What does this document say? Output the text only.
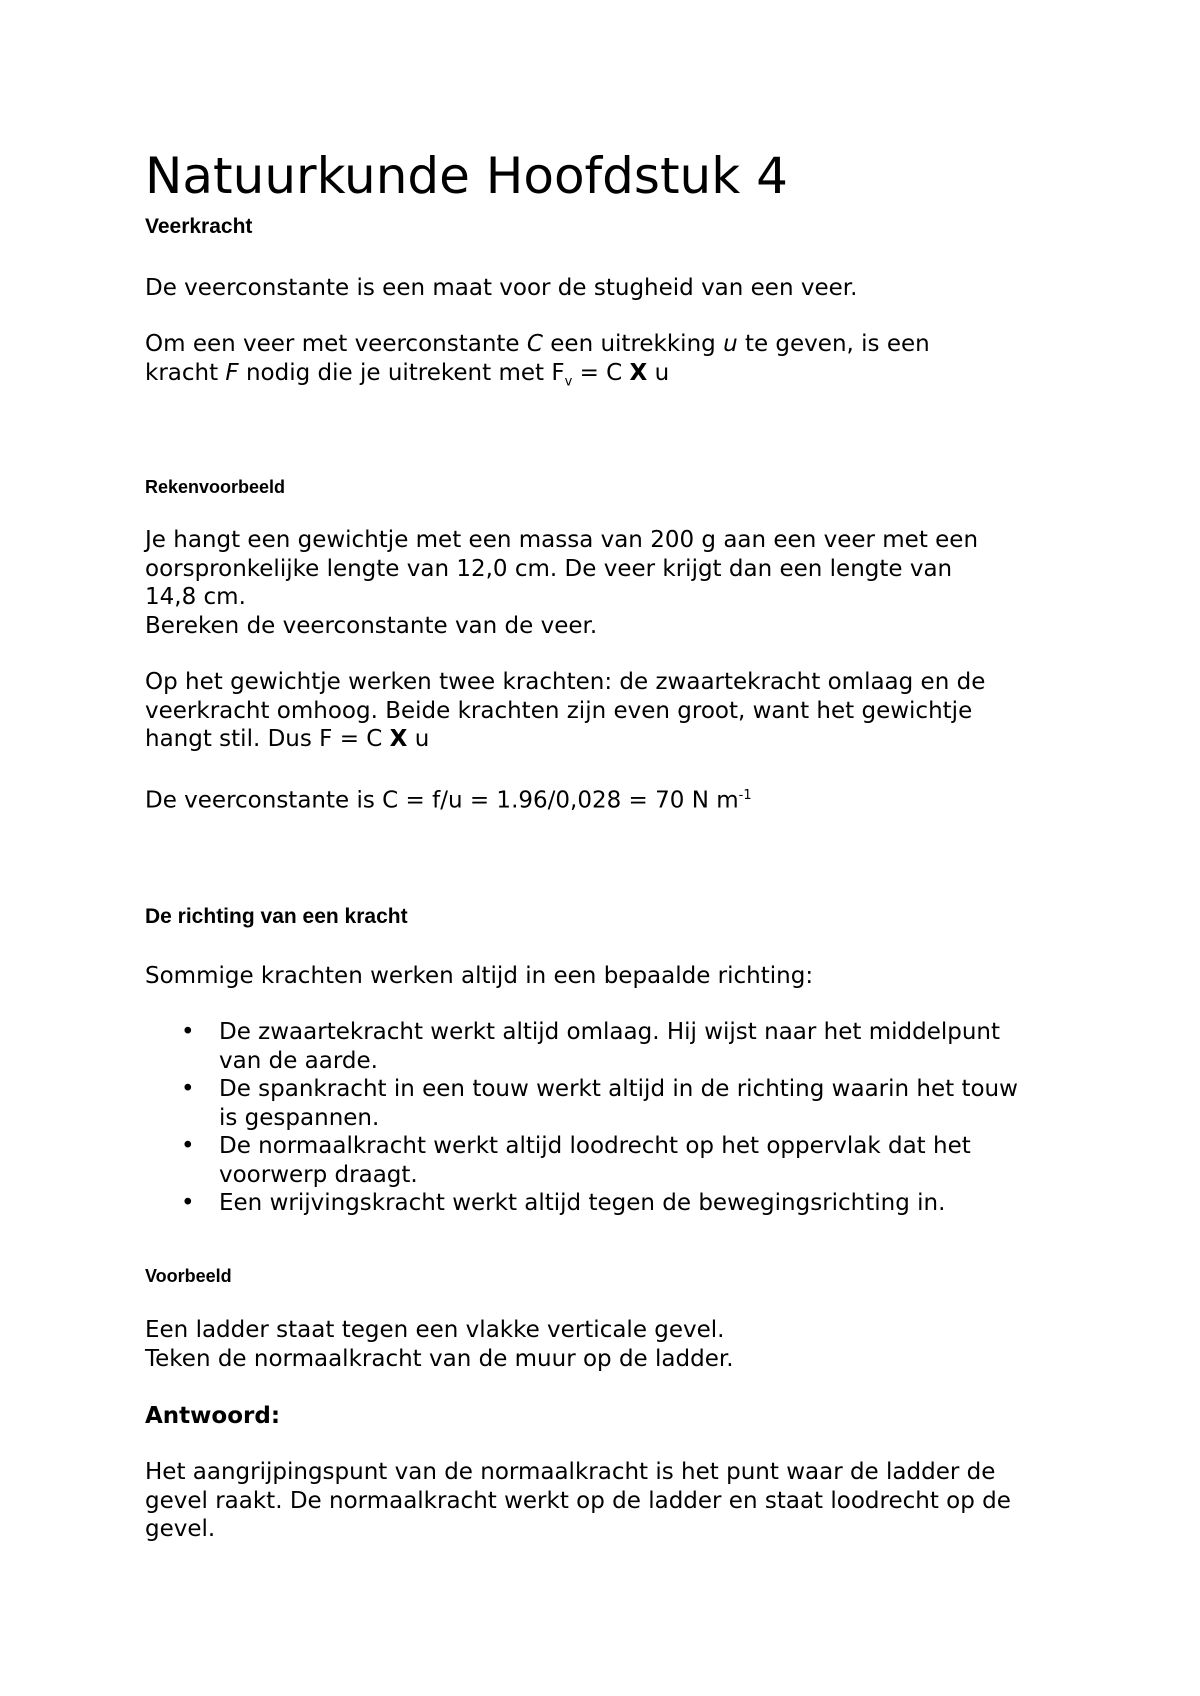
Natuurkunde Hoofdstuk 4
Veerkracht
De veerconstante is een maat voor de stugheid van een veer.
Om een veer met veerconstante C een uitrekking u te geven, is een
kracht F nodig die je uitrekent met $F_v = C$ X u
Rekenvoorbeeld
Je hangt een gewichtje met een massa van 200 g aan een veer met een
oorspronkelijke lengte van 12,0 cm. De veer krijgt dan een lengte van
14,8 cm.
Bereken de veerconstante van de veer.
Op het gewichtje werken twee krachten: de zwaartekracht omlaag en de
veerkracht omhoog. Beide krachten zijn even groot, want het gewichtje
hangt stil. Dus F = C X u
De veerconstante is C = f/u = 1.96/0,028 = 70 N $m^{-1}$
De richting van een kracht
Sommige krachten werken altijd in een bepaalde richting:
• De zwaartekracht werkt altijd omlaag. Hij wijst naar het middelpunt
van de aarde.
• De spankracht in een touw werkt altijd in de richting waarin het touw
is gespannen.
• De normaalkracht werkt altijd loodrecht op het oppervlak dat het
voorwerp draagt.
• Een wrijvingskracht werkt altijd tegen de bewegingsrichting in.
Voorbeeld
Een ladder staat tegen een vlakke verticale gevel.
Teken de normaalkracht van de muur op de ladder.
Antwoord:
Het aangrijpingspunt van de normaalkracht is het punt waar de ladder de
gevel raakt. De normaalkracht werkt op de ladder en staat loodrecht op de
gevel.
